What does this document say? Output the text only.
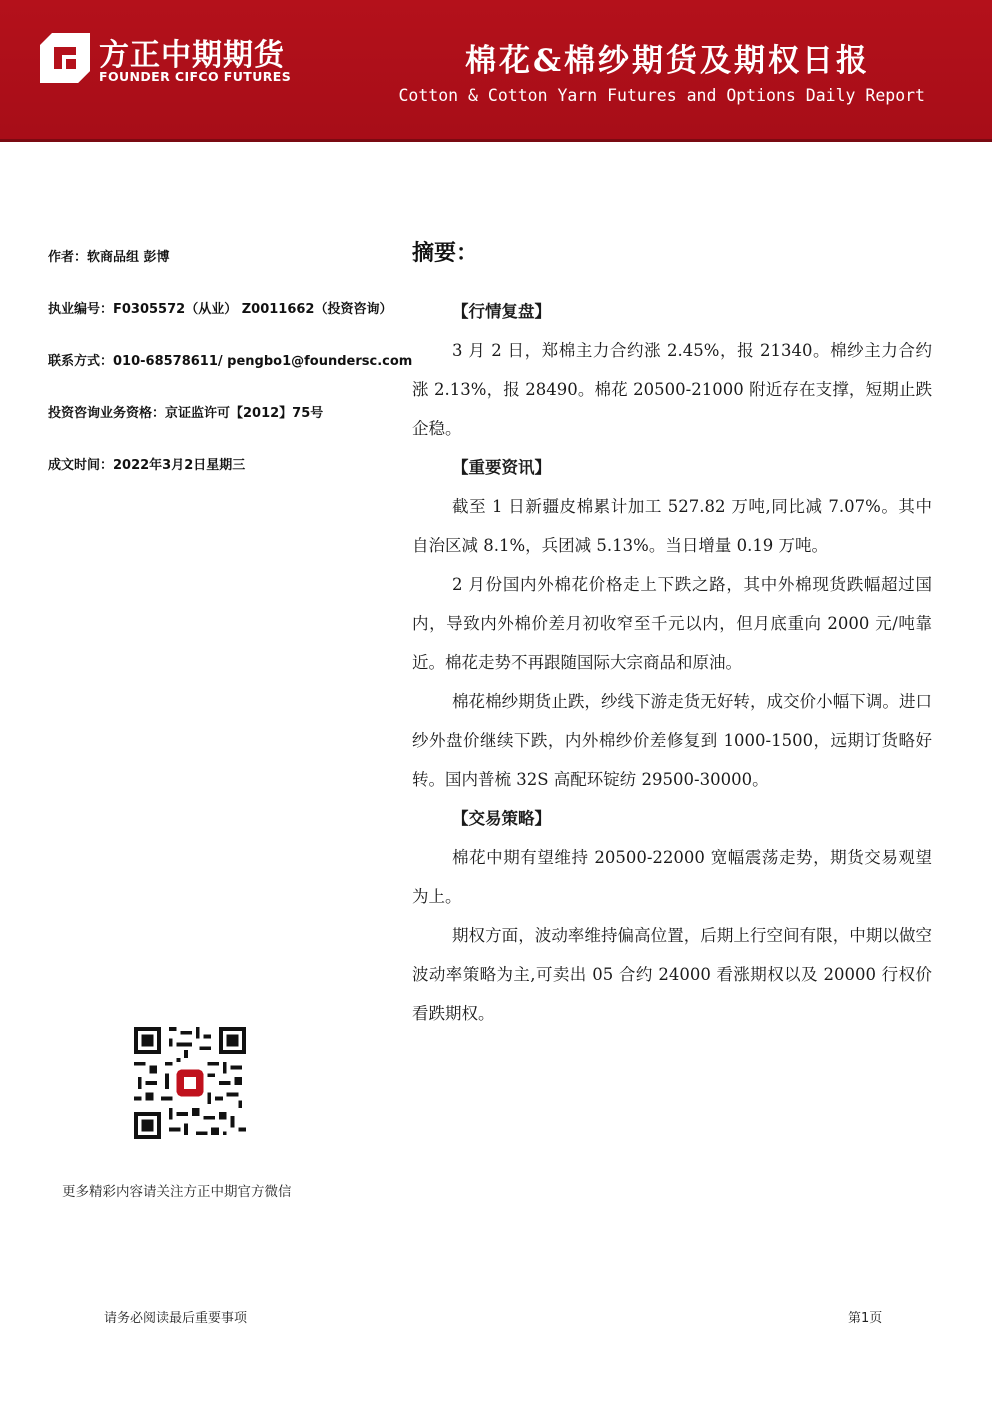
方正中期期货
FOUNDER CIFCO FUTURES	棉花&棉纱期货及期权日报
Cotton & Cotton Yarn Futures and Options Daily Report
作者：软商品组 彭博
执业编号：F0305572（从业） Z0011662（投资咨询）
联系方式：010-68578611/ pengbo1@foundersc.com
投资咨询业务资格：京证监许可【2012】75号
成文时间：2022年3月2日星期三
摘要：

【行情复盘】

3 月 2 日，郑棉主力合约涨 2.45%，报 21340。棉纱主力合约涨 2.13%，报 28490。棉花 20500-21000 附近存在支撑，短期止跌企稳。

【重要资讯】

截至 1 日新疆皮棉累计加工 527.82 万吨,同比减 7.07%。其中自治区减 8.1%，兵团减 5.13%。当日增量 0.19 万吨。

2 月份国内外棉花价格走上下跌之路，其中外棉现货跌幅超过国内，导致内外棉价差月初收窄至千元以内，但月底重向 2000 元/吨靠近。棉花走势不再跟随国际大宗商品和原油。

棉花棉纱期货止跌，纱线下游走货无好转，成交价小幅下调。进口纱外盘价继续下跌，内外棉纱价差修复到 1000-1500，远期订货略好转。国内普梳 32S 高配环锭纺 29500-30000。

【交易策略】

棉花中期有望维持 20500-22000 宽幅震荡走势，期货交易观望为上。

期权方面，波动率维持偏高位置，后期上行空间有限，中期以做空波动率策略为主,可卖出 05 合约 24000 看涨期权以及 20000 行权价看跌期权。

更多精彩内容请关注方正中期官方微信
请务必阅读最后重要事项	第1页
